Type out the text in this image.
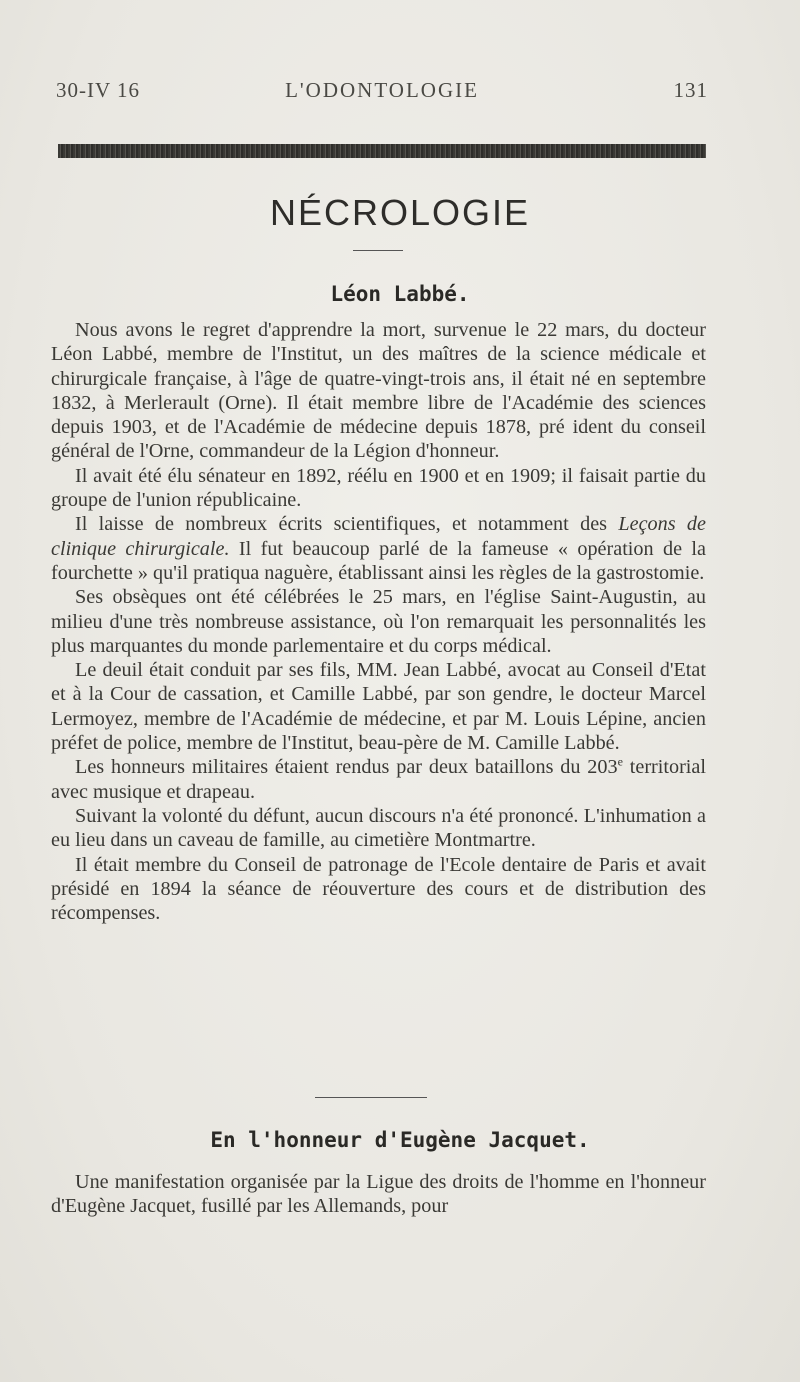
30-IV 16	L'ODONTOLOGIE	131
NÉCROLOGIE
Léon Labbé.

Nous avons le regret d'apprendre la mort, survenue le 22 mars, du docteur Léon Labbé, membre de l'Institut, un des maîtres de la science médicale et chirurgicale française, à l'âge de quatre-vingt-trois ans, il était né en septembre 1832, à Merlerault (Orne). Il était membre libre de l'Académie des sciences depuis 1903, et de l'Académie de médecine depuis 1878, pré ident du conseil général de l'Orne, commandeur de la Légion d'honneur.

Il avait été élu sénateur en 1892, réélu en 1900 et en 1909; il faisait partie du groupe de l'union républicaine.

Il laisse de nombreux écrits scientifiques, et notamment des Leçons de clinique chirurgicale. Il fut beaucoup parlé de la fameuse « opération de la fourchette » qu'il pratiqua naguère, établissant ainsi les règles de la gastrostomie.

Ses obsèques ont été célébrées le 25 mars, en l'église Saint-Augustin, au milieu d'une très nombreuse assistance, où l'on remarquait les personnalités les plus marquantes du monde parlementaire et du corps médical.

Le deuil était conduit par ses fils, MM. Jean Labbé, avocat au Conseil d'Etat et à la Cour de cassation, et Camille Labbé, par son gendre, le docteur Marcel Lermoyez, membre de l'Académie de médecine, et par M. Louis Lépine, ancien préfet de police, membre de l'Institut, beau-père de M. Camille Labbé.

Les honneurs militaires étaient rendus par deux bataillons du 203e territorial avec musique et drapeau.

Suivant la volonté du défunt, aucun discours n'a été prononcé. L'inhumation a eu lieu dans un caveau de famille, au cimetière Montmartre.

Il était membre du Conseil de patronage de l'Ecole dentaire de Paris et avait présidé en 1894 la séance de réouverture des cours et de distribution des récompenses.

En l'honneur d'Eugène Jacquet.

Une manifestation organisée par la Ligue des droits de l'homme en l'honneur d'Eugène Jacquet, fusillé par les Allemands, pour
